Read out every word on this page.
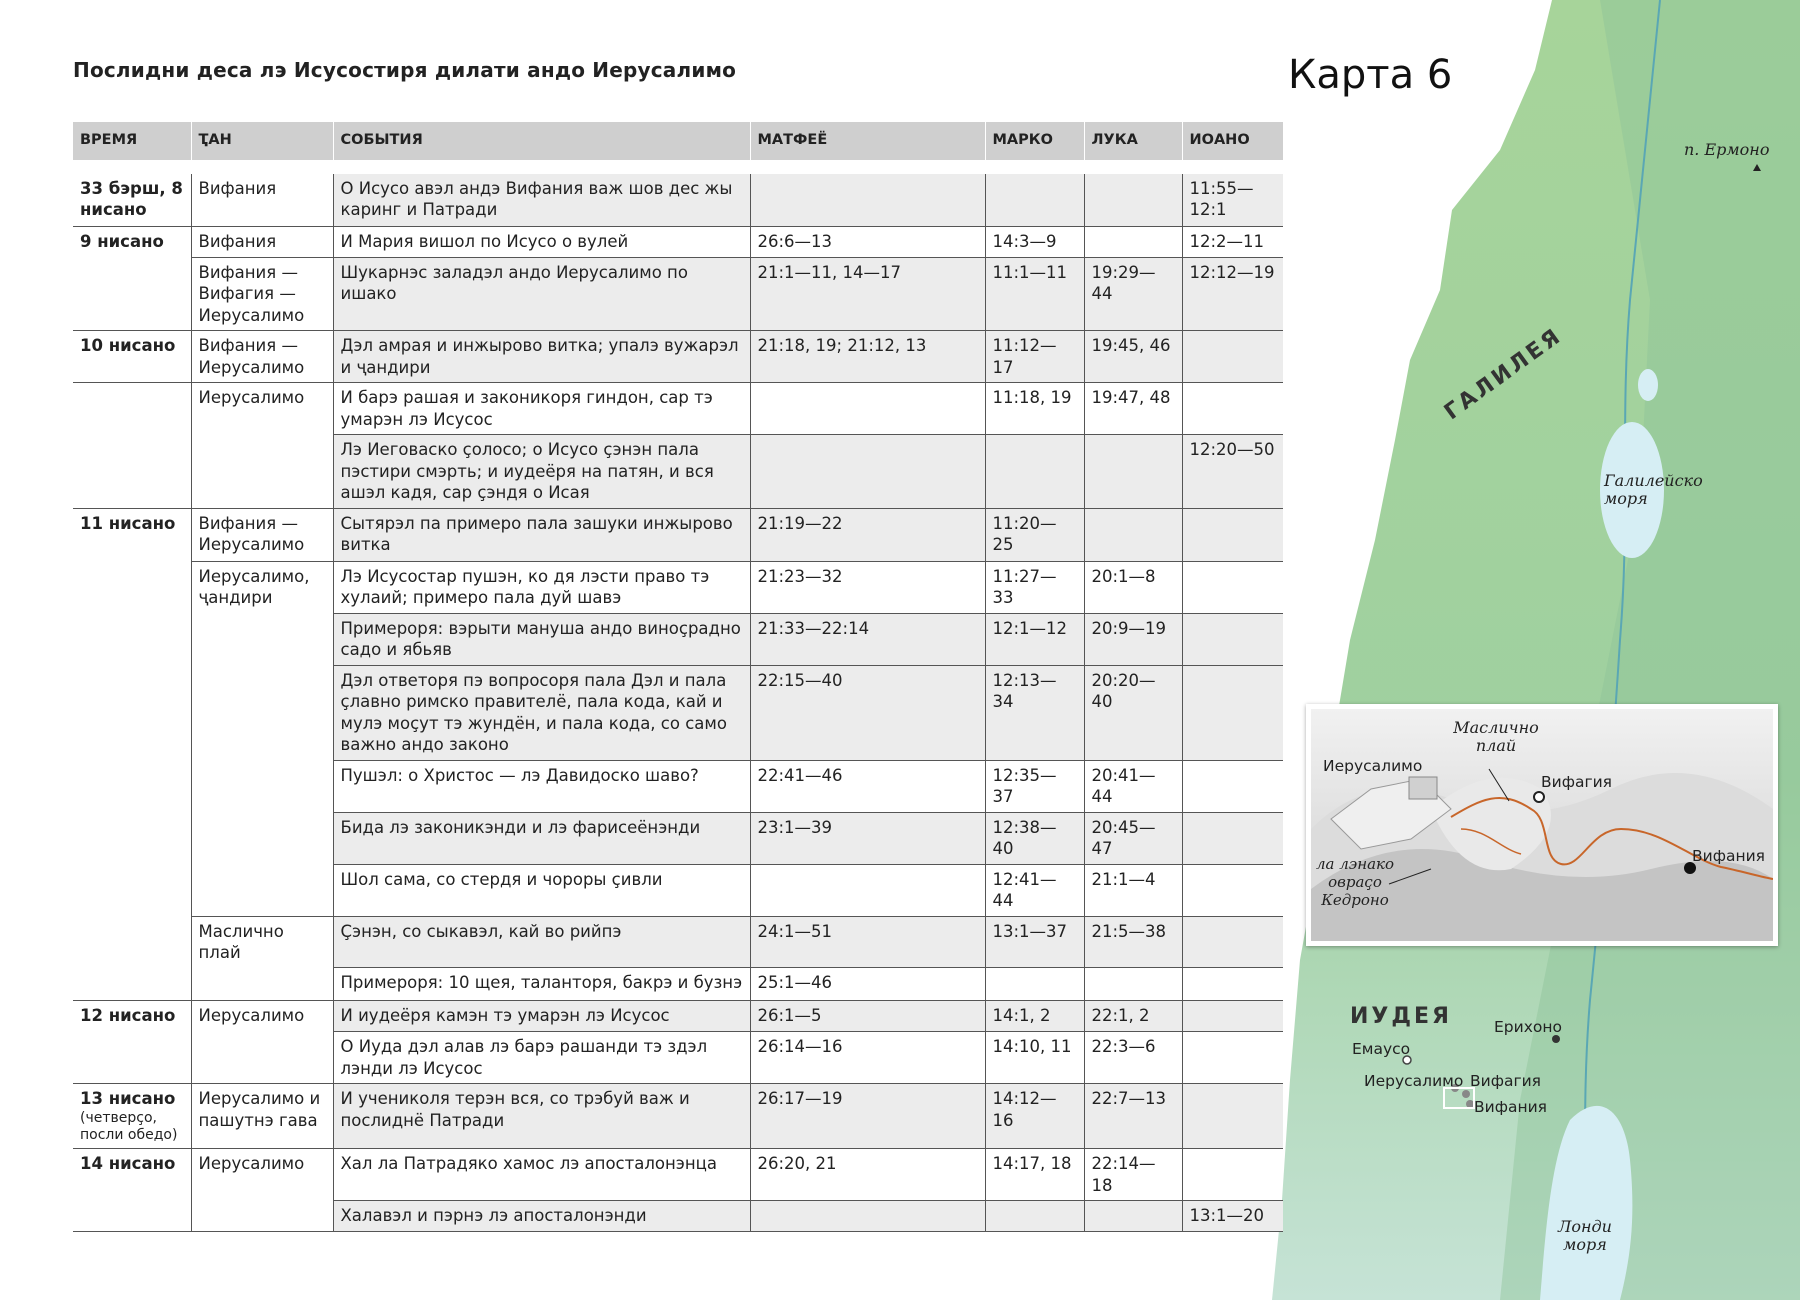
Послидни деса лэ Исусостиря дилати андо Иерусалимо	Карта 6
ВРЕМЯ	ҬАН	СОБЫТИЯ	МАТФЕЁ	МАРКО	ЛУКА	ИОАНО

33 бэрш, 8 нисано	Вифания	О Исусо авэл андэ Вифания важ шов дес жы каринг и Патради				11:55—12:1
9 нисано	Вифания	И Мария вишол по Исусо о вулей	26:6—13	14:3—9		12:2—11
	Вифания — Вифагия — Иерусалимо	Шукарнэс заладэл андо Иерусалимо по ишако	21:1—11, 14—17	11:1—11	19:29—44	12:12—19
10 нисано	Вифания — Иерусалимо	Дэл амрая и инжырово витка; упалэ вужарэл и ҷандири	21:18, 19; 21:12, 13	11:12—17	19:45, 46	
	Иерусалимо	И барэ рашая и законикоря гиндон, сар тэ умарэн лэ Исусос		11:18, 19	19:47, 48	
		Лэ Иеговаско ҫолосо; о Исусо ҫэнэн пала пэстири смэрть; и иудеёря на патян, и вся ашэл кадя, сар ҫэндя о Исая				12:20—50
11 нисано	Вифания — Иерусалимо	Сытярэл па примеро пала зашуки инжырово витка	21:19—22	11:20—25		
	Иерусалимо, ҷандири	Лэ Исусостар пушэн, ко дя лэсти право тэ хулаий; примеро пала дуй шавэ	21:23—32	11:27—33	20:1—8	
		Примероря: вэрыти мануша андо виноҫрадно садо и ябьяв	21:33—22:14	12:1—12	20:9—19	
		Дэл ответоря пэ вопросоря пала Дэл и пала ҫлавно римско правителё, пала кода, кай и мулэ моҫут тэ жундён, и пала кода, со само важно андо законо	22:15—40	12:13—34	20:20—40	
		Пушэл: о Христос — лэ Давидоско шаво?	22:41—46	12:35—37	20:41—44	
		Бида лэ законикэнди и лэ фарисеёнэнди	23:1—39	12:38—40	20:45—47	
		Шол сама, со стердя и чороры ҫивли		12:41—44	21:1—4	
	Маслично плай	Ҫэнэн, со сыкавэл, кай во рийпэ	24:1—51	13:1—37	21:5—38	
		Примероря: 10 щея, таланторя, бакрэ и бузнэ	25:1—46			
12 нисано	Иерусалимо	И иудеёря камэн тэ умарэн лэ Исусос	26:1—5	14:1, 2	22:1, 2	
		О Иуда дэл алав лэ барэ рашанди тэ здэл лэнди лэ Исусос	26:14—16	14:10, 11	22:3—6	
13 нисано
(четверҫо, посли обедо)	Иерусалимо и пашутнэ гава	И учениколя терэн вся, со трэбуй важ и послиднё Патради	26:17—19	14:12—16	22:7—13	
14 нисано	Иерусалимо	Хал ла Патрадяко хамос лэ апосталонэнца	26:20, 21	14:17, 18	22:14—18	
		Халавэл и пэрнэ лэ апосталонэнди				13:1—20
п. Ермоно
ГАЛИЛЕЯ
Галилейско моря
ИУДЕЯ	Ерихоно
Емаусо
Иерусалимо Вифагия
Вифания
Лонди моря
Маслично плай
Иерусалимо
Вифагия
Вифания
ла лэнако овраҫо Кедроно
